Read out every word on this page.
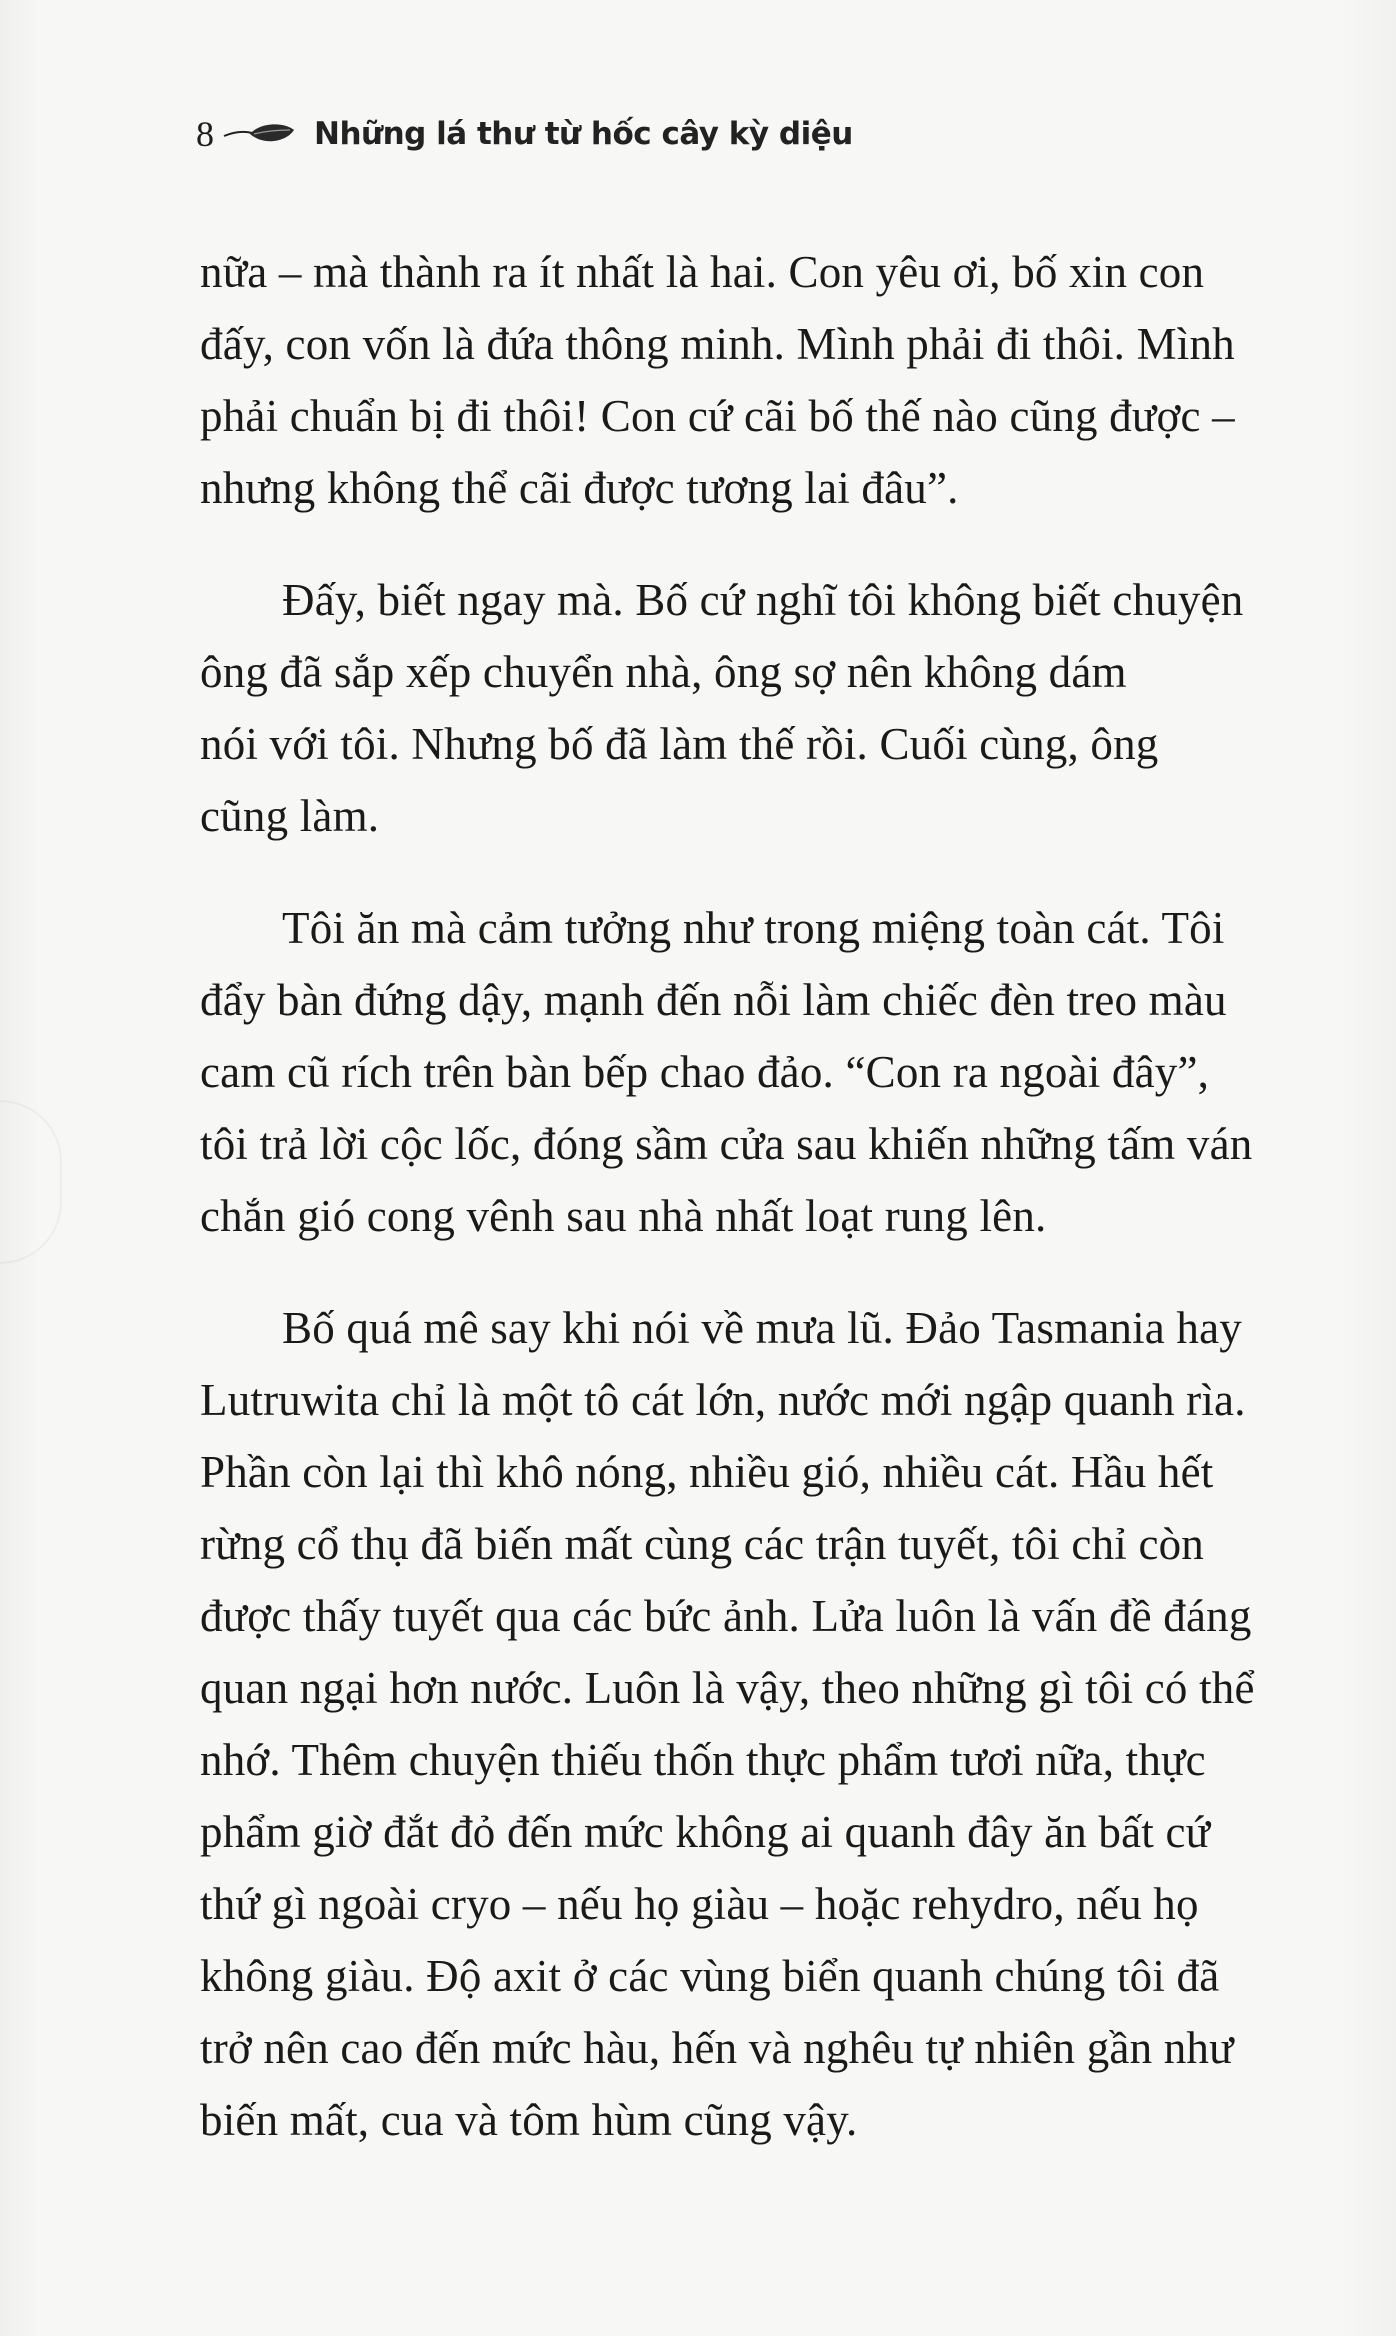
8	Những lá thư từ hốc cây kỳ diệu
nữa – mà thành ra ít nhất là hai. Con yêu ơi, bố xin con
đấy, con vốn là đứa thông minh. Mình phải đi thôi. Mình
phải chuẩn bị đi thôi! Con cứ cãi bố thế nào cũng được –
nhưng không thể cãi được tương lai đâu”.
Đấy, biết ngay mà. Bố cứ nghĩ tôi không biết chuyện
ông đã sắp xếp chuyển nhà, ông sợ nên không dám
nói với tôi. Nhưng bố đã làm thế rồi. Cuối cùng, ông
cũng làm.
Tôi ăn mà cảm tưởng như trong miệng toàn cát. Tôi
đẩy bàn đứng dậy, mạnh đến nỗi làm chiếc đèn treo màu
cam cũ rích trên bàn bếp chao đảo. “Con ra ngoài đây”,
tôi trả lời cộc lốc, đóng sầm cửa sau khiến những tấm ván
chắn gió cong vênh sau nhà nhất loạt rung lên.
Bố quá mê say khi nói về mưa lũ. Đảo Tasmania hay
Lutruwita chỉ là một tô cát lớn, nước mới ngập quanh rìa.
Phần còn lại thì khô nóng, nhiều gió, nhiều cát. Hầu hết
rừng cổ thụ đã biến mất cùng các trận tuyết, tôi chỉ còn
được thấy tuyết qua các bức ảnh. Lửa luôn là vấn đề đáng
quan ngại hơn nước. Luôn là vậy, theo những gì tôi có thể
nhớ. Thêm chuyện thiếu thốn thực phẩm tươi nữa, thực
phẩm giờ đắt đỏ đến mức không ai quanh đây ăn bất cứ
thứ gì ngoài cryo – nếu họ giàu – hoặc rehydro, nếu họ
không giàu. Độ axit ở các vùng biển quanh chúng tôi đã
trở nên cao đến mức hàu, hến và nghêu tự nhiên gần như
biến mất, cua và tôm hùm cũng vậy.
